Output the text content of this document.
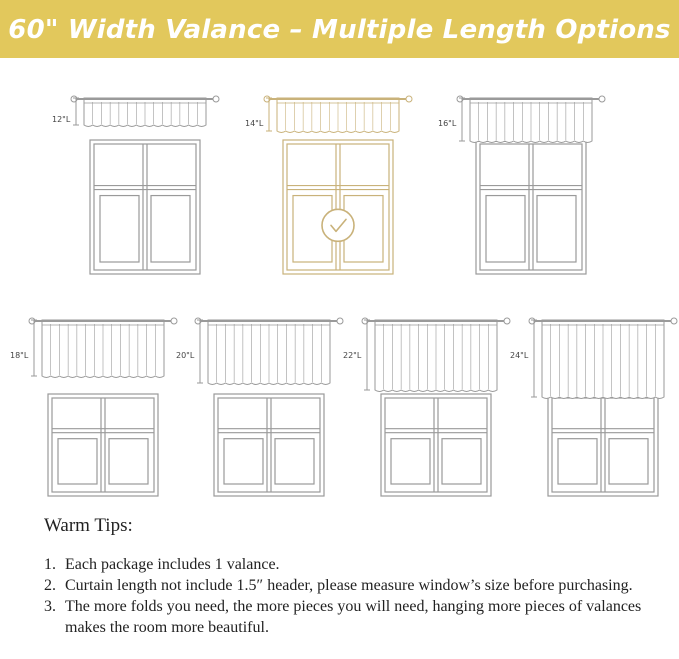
60" Width Valance – Multiple Length Options
12"L	14"L	16"L
18"L	20"L	22"L	24"L
Warm Tips:
1. Each package includes 1 valance.
2. Curtain length not include 1.5″ header, please measure window’s size before purchasing.
3. The more folds you need, the more pieces you will need, hanging more pieces of valances makes the room more beautiful.
